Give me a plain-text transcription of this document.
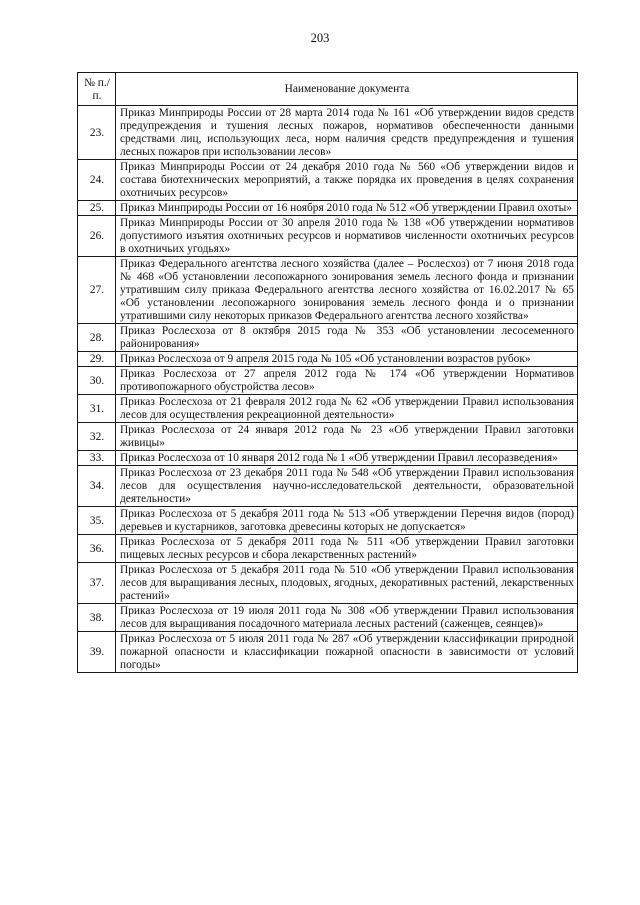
203
№ п./п.	Наименование документа
23.	Приказ Минприроды России от 28 марта 2014 года № 161 «Об утверждении видов средств предупреждения и тушения лесных пожаров, нормативов обеспеченности данными средствами лиц, использующих леса, норм наличия средств предупреждения и тушения лесных пожаров при использовании лесов»
24.	Приказ Минприроды России от 24 декабря 2010 года № 560 «Об утверждении видов и состава биотехнических мероприятий, а также порядка их проведения в целях сохранения охотничьих ресурсов»
25.	Приказ Минприроды России от 16 ноября 2010 года № 512 «Об утверждении Правил охоты»
26.	Приказ Минприроды России от 30 апреля 2010 года № 138 «Об утверждении нормативов допустимого изъятия охотничьих ресурсов и нормативов численности охотничьих ресурсов в охотничьих угодьях»
27.	Приказ Федерального агентства лесного хозяйства (далее – Рослесхоз) от 7 июня 2018 года № 468 «Об установлении лесопожарного зонирования земель лесного фонда и признании утратившим силу приказа Федерального агентства лесного хозяйства от 16.02.2017 № 65 «Об установлении лесопожарного зонирования земель лесного фонда и о признании утратившими силу некоторых приказов Федерального агентства лесного хозяйства»
28.	Приказ Рослесхоза от 8 октября 2015 года № 353 «Об установлении лесосеменного районирования»
29.	Приказ Рослесхоза от 9 апреля 2015 года № 105 «Об установлении возрастов рубок»
30.	Приказ Рослесхоза от 27 апреля 2012 года № 174 «Об утверждении Нормативов противопожарного обустройства лесов»
31.	Приказ Рослесхоза от 21 февраля 2012 года № 62 «Об утверждении Правил использования лесов для осуществления рекреационной деятельности»
32.	Приказ Рослесхоза от 24 января 2012 года № 23 «Об утверждении Правил заготовки живицы»
33.	Приказ Рослесхоза от 10 января 2012 года № 1 «Об утверждении Правил лесоразведения»
34.	Приказ Рослесхоза от 23 декабря 2011 года № 548 «Об утверждении Правил использования лесов для осуществления научно-исследовательской деятельности, образовательной деятельности»
35.	Приказ Рослесхоза от 5 декабря 2011 года № 513 «Об утверждении Перечня видов (пород) деревьев и кустарников, заготовка древесины которых не допускается»
36.	Приказ Рослесхоза от 5 декабря 2011 года № 511 «Об утверждении Правил заготовки пищевых лесных ресурсов и сбора лекарственных растений»
37.	Приказ Рослесхоза от 5 декабря 2011 года № 510 «Об утверждении Правил использования лесов для выращивания лесных, плодовых, ягодных, декоративных растений, лекарственных растений»
38.	Приказ Рослесхоза от 19 июля 2011 года № 308 «Об утверждении Правил использования лесов для выращивания посадочного материала лесных растений (саженцев, сеянцев)»
39.	Приказ Рослесхоза от 5 июля 2011 года № 287 «Об утверждении классификации природной пожарной опасности и классификации пожарной опасности в зависимости от условий погоды»
